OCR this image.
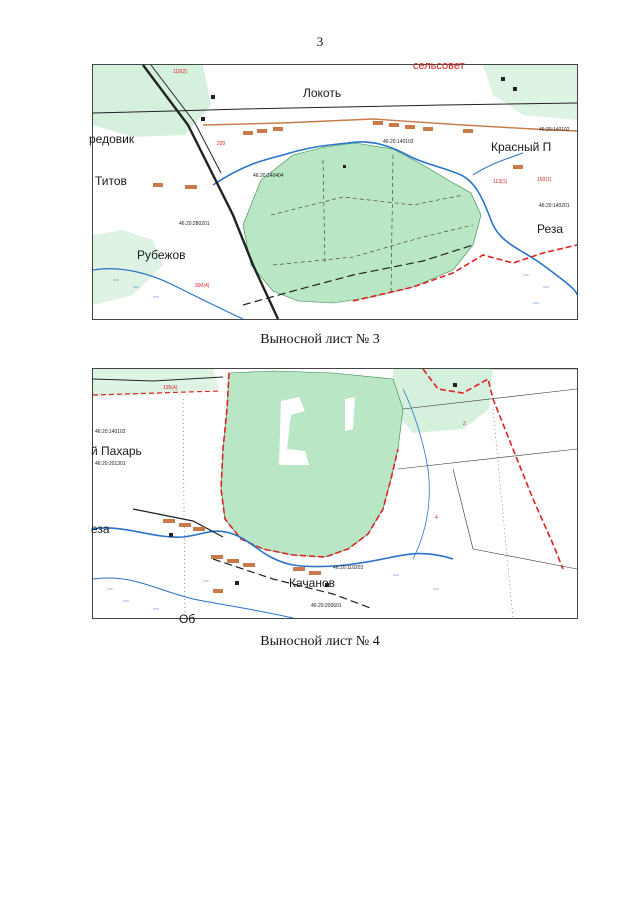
3
Локоть
редовик
Титов
Рубежов
Красный П
Реза
сельсовет
46:20:140102
46:20:140103
46:20:140404
46:20:140201
46:20:280201
110(2)
220
390(4)
150(1)
113(1)
Выносной лист № 3
й Пахарь
еза
Качанов
Об
46:20:140102
46:20:201301
46:20:110203
46:20:200601
135(4)
2
4
Выносной лист № 4
